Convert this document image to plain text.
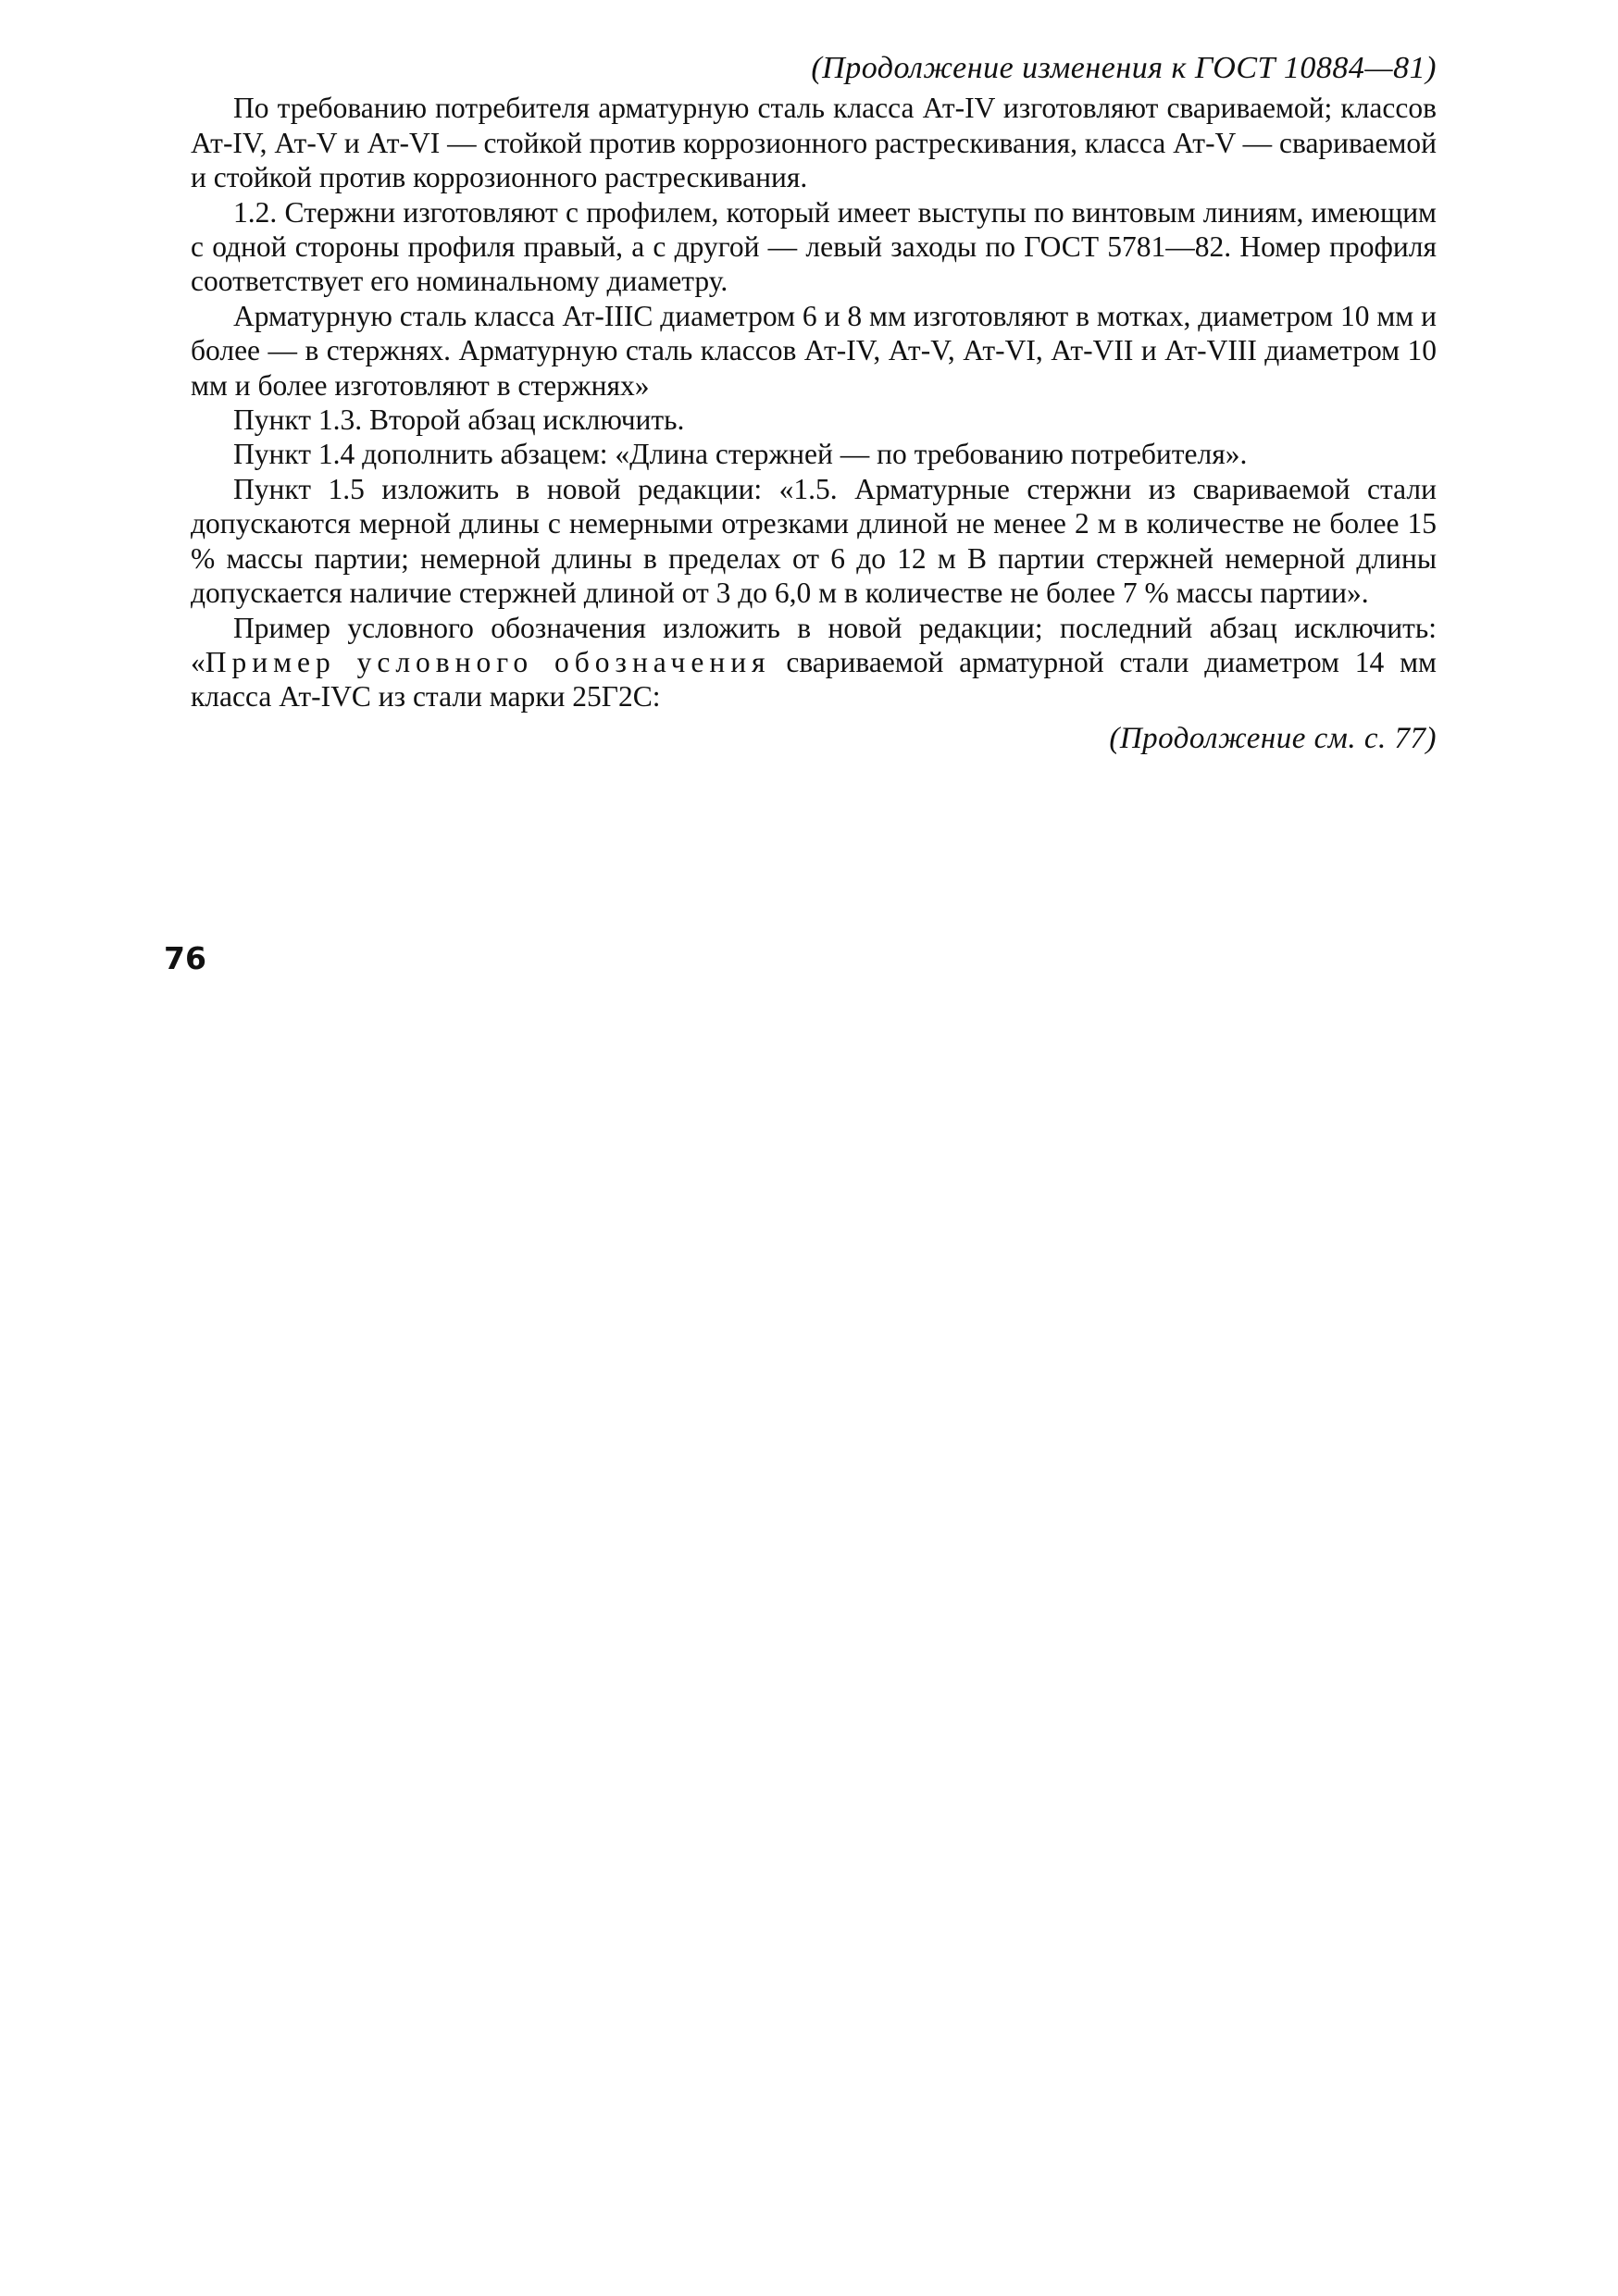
(Продолжение изменения к ГОСТ 10884—81)

По требованию потребителя арматурную сталь класса Ат-IV изготовляют свариваемой; классов Ат-IV, Ат-V и Ат-VI — стойкой против коррозионного растрескивания, класса Ат-V — свариваемой и стойкой против коррозионного растрескивания.

1.2. Стержни изготовляют с профилем, который имеет выступы по винтовым линиям, имеющим с одной стороны профиля правый, а с другой — левый заходы по ГОСТ 5781—82. Номер профиля соответствует его номинальному диаметру.

Арматурную сталь класса Ат-IIIС диаметром 6 и 8 мм изготовляют в мотках, диаметром 10 мм и более — в стержнях. Арматурную сталь классов Ат-IV, Ат-V, Ат-VI, Ат-VII и Ат-VIII диаметром 10 мм и более изготовляют в стержнях»

Пункт 1.3. Второй абзац исключить.

Пункт 1.4 дополнить абзацем: «Длина стержней — по требованию потребителя».

Пункт 1.5 изложить в новой редакции: «1.5. Арматурные стержни из свариваемой стали допускаются мерной длины с немерными отрезками длиной не менее 2 м в количестве не более 15 % массы партии; немерной длины в пределах от 6 до 12 м В партии стержней немерной длины допускается наличие стержней длиной от 3 до 6,0 м в количестве не более 7 % массы партии».

Пример условного обозначения изложить в новой редакции; последний абзац исключить: «Пример условного обозначения свариваемой арматурной стали диаметром 14 мм класса Ат-IVС из стали марки 25Г2С:

(Продолжение см. с. 77)

76
